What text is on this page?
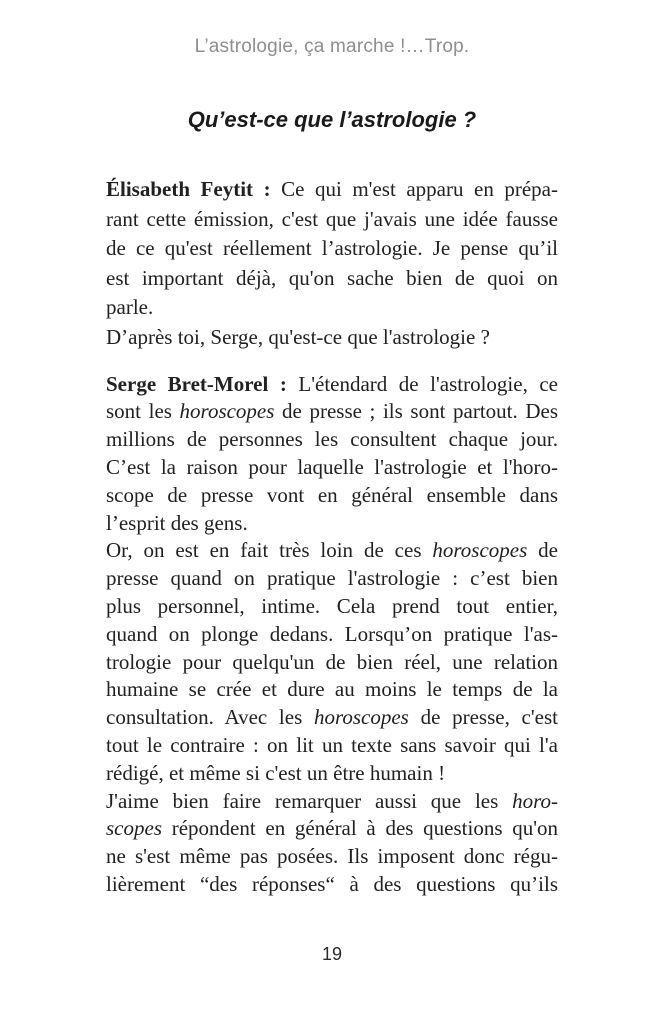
L’astrologie, ça marche !…Trop.
Qu’est-ce que l’astrologie ?
Élisabeth Feytit : Ce qui m'est apparu en prépa-
rant cette émission, c'est que j'avais une idée fausse
de ce qu'est réellement l’astrologie. Je pense qu’il
est important déjà, qu'on sache bien de quoi on
parle.
D’après toi, Serge, qu'est-ce que l'astrologie ?
Serge Bret-Morel : L'étendard de l'astrologie, ce
sont les horoscopes de presse ; ils sont partout. Des
millions de personnes les consultent chaque jour.
C’est la raison pour laquelle l'astrologie et l'horo-
scope de presse vont en général ensemble dans
l’esprit des gens.
Or, on est en fait très loin de ces horoscopes de
presse quand on pratique l'astrologie : c’est bien
plus personnel, intime. Cela prend tout entier,
quand on plonge dedans. Lorsqu’on pratique l'as-
trologie pour quelqu'un de bien réel, une relation
humaine se crée et dure au moins le temps de la
consultation. Avec les horoscopes de presse, c'est
tout le contraire : on lit un texte sans savoir qui l'a
rédigé, et même si c'est un être humain !
J'aime bien faire remarquer aussi que les horo-
scopes répondent en général à des questions qu'on
ne s'est même pas posées. Ils imposent donc régu-
lièrement “des réponses“ à des questions qu’ils
19
